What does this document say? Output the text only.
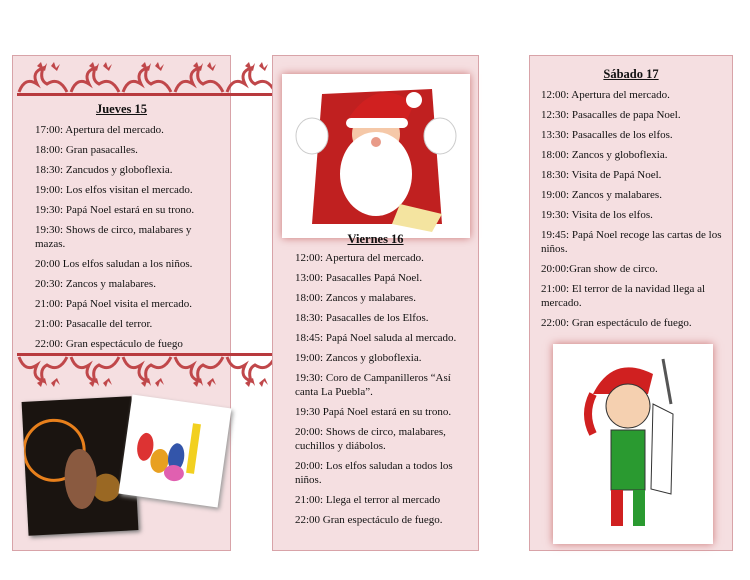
Jueves 15
17:00: Apertura del mercado.
18:00: Gran pasacalles.
18:30: Zancudos y globoflexia.
19:00: Los elfos visitan el mercado.
19:30: Papá Noel estará en su trono.
19:30: Shows de circo, malabares y mazas.
20:00 Los elfos saludan a los niños.
20:30: Zancos y malabares.
21:00: Papá Noel visita el mercado.
21:00: Pasacalle del terror.
22:00: Gran espectáculo de fuego
Viernes 16
12:00: Apertura del mercado.
13:00: Pasacalles Papá Noel.
18:00: Zancos y malabares.
18:30: Pasacalles de los Elfos.
18:45: Papá Noel saluda al mercado.
19:00: Zancos y globoflexia.
19:30: Coro de Campanilleros “Así canta La Puebla”.
19:30 Papá Noel estará en su trono.
20:00: Shows de circo, malabares, cuchillos y diábolos.
20:00: Los elfos saludan a todos los niños.
21:00: Llega el terror al mercado
22:00 Gran espectáculo de fuego.
Sábado 17
12:00: Apertura del mercado.
12:30: Pasacalles de papa Noel.
13:30: Pasacalles de los elfos.
18:00: Zancos y globoflexia.
18:30: Visita de Papá Noel.
19:00: Zancos y malabares.
19:30: Visita de los elfos.
19:45: Papá Noel recoge las cartas de los niños.
20:00:Gran show de circo.
21:00: El terror de la navidad llega al mercado.
22:00: Gran espectáculo de fuego.
